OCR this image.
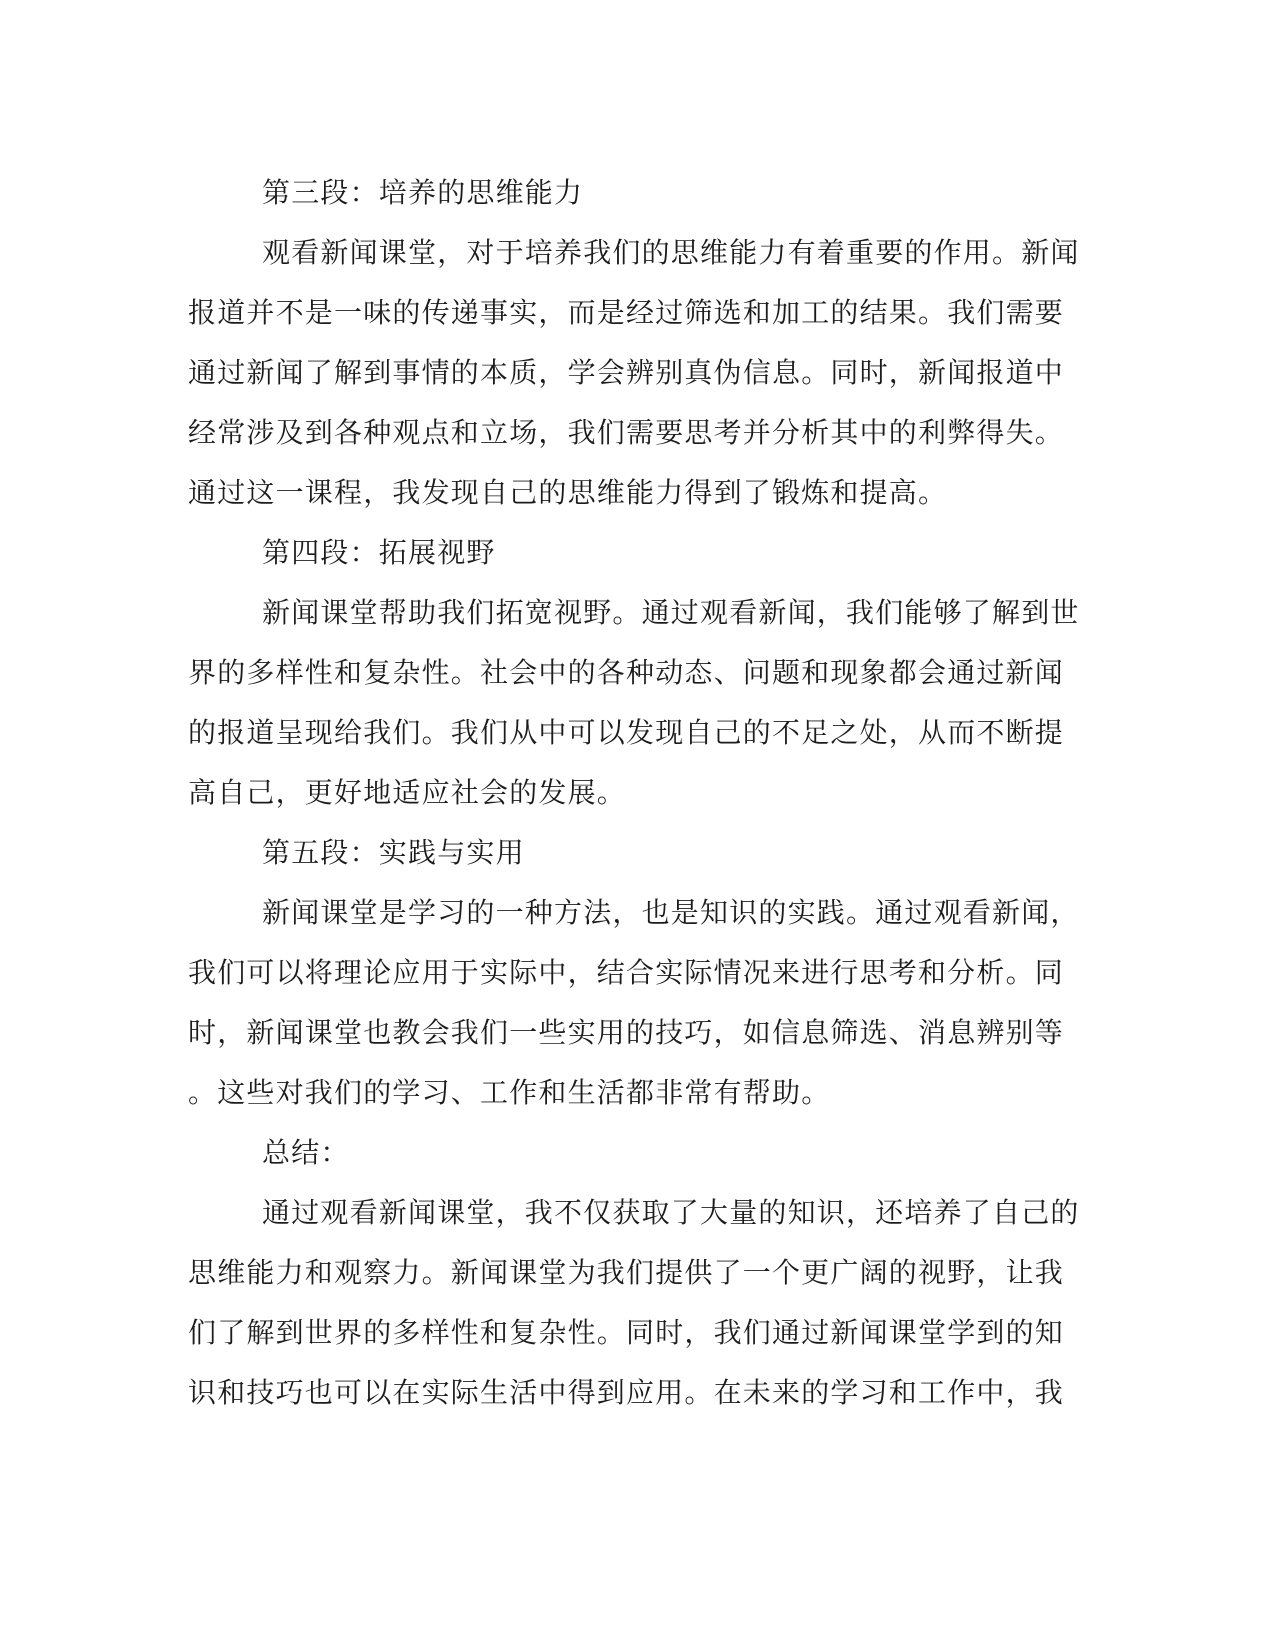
第三段：培养的思维能力
观看新闻课堂，对于培养我们的思维能力有着重要的作用。新闻
报道并不是一味的传递事实，而是经过筛选和加工的结果。我们需要
通过新闻了解到事情的本质，学会辨别真伪信息。同时，新闻报道中
经常涉及到各种观点和立场，我们需要思考并分析其中的利弊得失。
通过这一课程，我发现自己的思维能力得到了锻炼和提高。
第四段：拓展视野
新闻课堂帮助我们拓宽视野。通过观看新闻，我们能够了解到世
界的多样性和复杂性。社会中的各种动态、问题和现象都会通过新闻
的报道呈现给我们。我们从中可以发现自己的不足之处，从而不断提
高自己，更好地适应社会的发展。
第五段：实践与实用
新闻课堂是学习的一种方法，也是知识的实践。通过观看新闻，
我们可以将理论应用于实际中，结合实际情况来进行思考和分析。同
时，新闻课堂也教会我们一些实用的技巧，如信息筛选、消息辨别等
。这些对我们的学习、工作和生活都非常有帮助。
总结：
通过观看新闻课堂，我不仅获取了大量的知识，还培养了自己的
思维能力和观察力。新闻课堂为我们提供了一个更广阔的视野，让我
们了解到世界的多样性和复杂性。同时，我们通过新闻课堂学到的知
识和技巧也可以在实际生活中得到应用。在未来的学习和工作中，我
